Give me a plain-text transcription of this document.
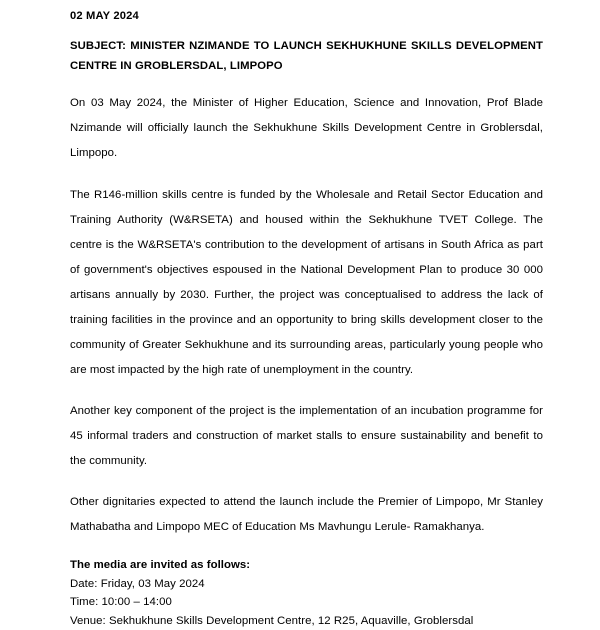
02 MAY 2024

SUBJECT: MINISTER NZIMANDE TO LAUNCH SEKHUKHUNE SKILLS DEVELOPMENT CENTRE IN GROBLERSDAL, LIMPOPO

On 03 May 2024, the Minister of Higher Education, Science and Innovation, Prof Blade Nzimande will officially launch the Sekhukhune Skills Development Centre in Groblersdal, Limpopo.

The R146-million skills centre is funded by the Wholesale and Retail Sector Education and Training Authority (W&RSETA) and housed within the Sekhukhune TVET College. The centre is the W&RSETA's contribution to the development of artisans in South Africa as part of government's objectives espoused in the National Development Plan to produce 30 000 artisans annually by 2030. Further, the project was conceptualised to address the lack of training facilities in the province and an opportunity to bring skills development closer to the community of Greater Sekhukhune and its surrounding areas, particularly young people who are most impacted by the high rate of unemployment in the country.

Another key component of the project is the implementation of an incubation programme for 45 informal traders and construction of market stalls to ensure sustainability and benefit to the community.

Other dignitaries expected to attend the launch include the Premier of Limpopo, Mr Stanley Mathabatha and Limpopo MEC of Education Ms Mavhungu Lerule- Ramakhanya.

The media are invited as follows:

Date: Friday, 03 May 2024

Time: 10:00 – 14:00

Venue: Sekhukhune Skills Development Centre, 12 R25, Aquaville, Groblersdal
